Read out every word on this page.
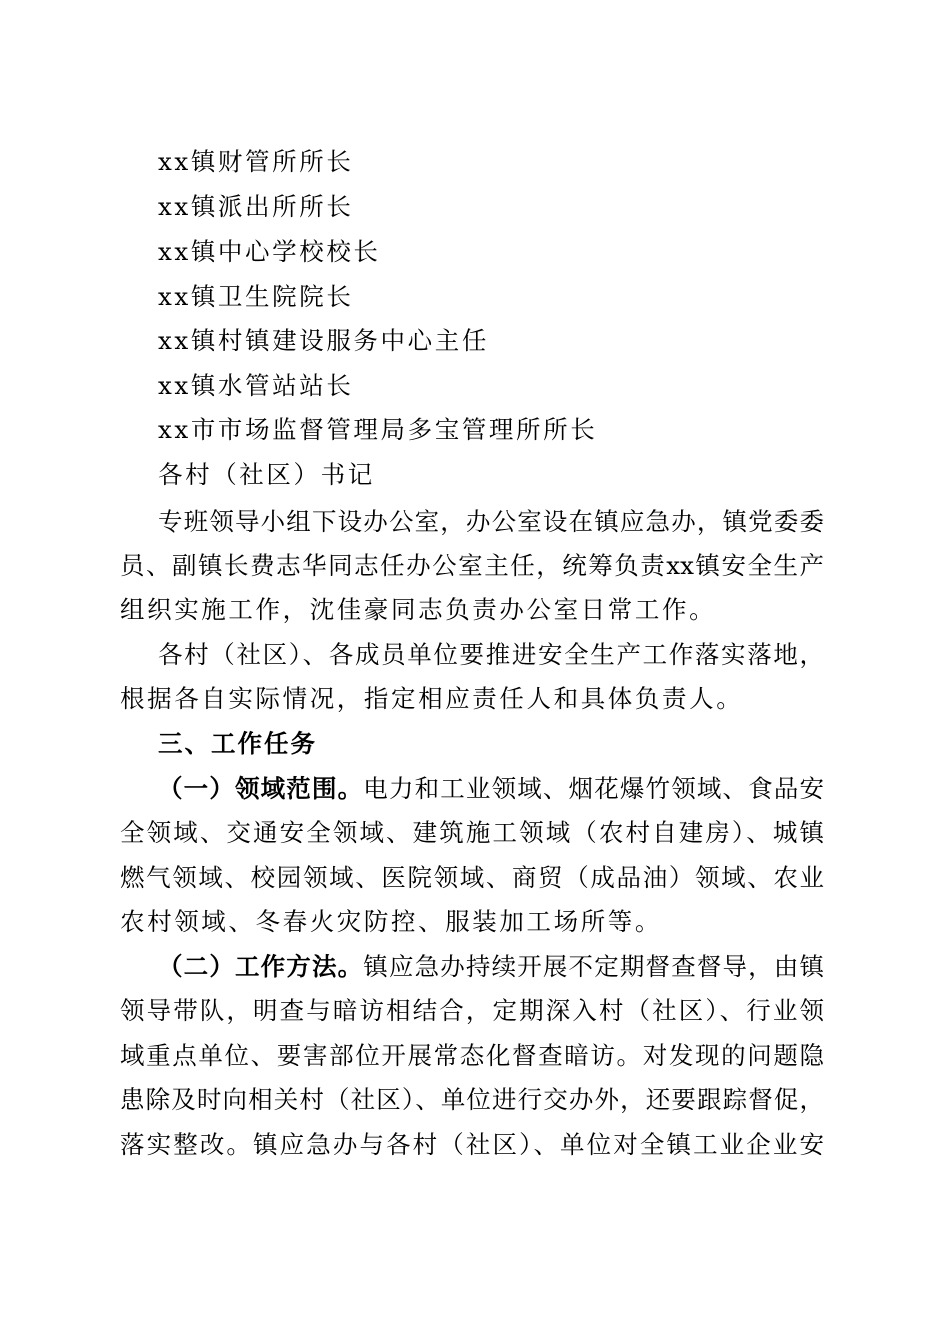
xx镇财管所所长
xx镇派出所所长
xx镇中心学校校长
xx镇卫生院院长
xx镇村镇建设服务中心主任
xx镇水管站站长
xx市市场监督管理局多宝管理所所长
各村（社区）书记
专班领导小组下设办公室，办公室设在镇应急办，镇党委委
员、副镇长费志华同志任办公室主任，统筹负责xx镇安全生产
组织实施工作，沈佳豪同志负责办公室日常工作。
各村（社区）、各成员单位要推进安全生产工作落实落地，
根据各自实际情况，指定相应责任人和具体负责人。
三、工作任务
（一）领域范围。电力和工业领域、烟花爆竹领域、食品安
全领域、交通安全领域、建筑施工领域（农村自建房）、城镇
燃气领域、校园领域、医院领域、商贸（成品油）领域、农业
农村领域、冬春火灾防控、服装加工场所等。
（二）工作方法。镇应急办持续开展不定期督查督导，由镇
领导带队，明查与暗访相结合，定期深入村（社区）、行业领
域重点单位、要害部位开展常态化督查暗访。对发现的问题隐
患除及时向相关村（社区）、单位进行交办外，还要跟踪督促，
落实整改。镇应急办与各村（社区）、单位对全镇工业企业安
